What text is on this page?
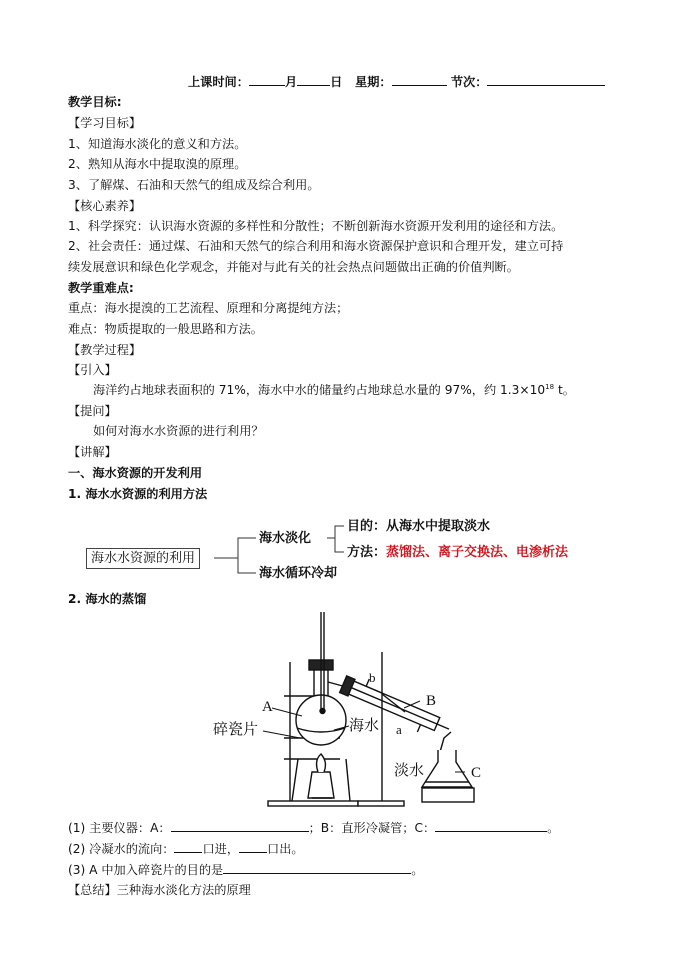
上课时间：	月	日 星期：	节次：
教学目标:
【学习目标】
1、知道海水淡化的意义和方法。
2、熟知从海水中提取溴的原理。
3、了解煤、石油和天然气的组成及综合利用。
【核心素养】
1、科学探究：认识海水资源的多样性和分散性；不断创新海水资源开发利用的途径和方法。
2、社会责任：通过煤、石油和天然气的综合利用和海水资源保护意识和合理开发，建立可持
续发展意识和绿色化学观念，并能对与此有关的社会热点问题做出正确的价值判断。
教学重难点:
重点：海水提溴的工艺流程、原理和分离提纯方法；
难点：物质提取的一般思路和方法。
【教学过程】
【引入】
海洋约占地球表面积的 71%，海水中水的储量约占地球总水量的 97%，约 $1.3\times 10^{18}$ t。
【提问】
如何对海水水资源的进行利用？
【讲解】
一、海水资源的开发利用
1. 海水水资源的利用方法
海水水资源的利用
海水淡化
海水循环冷却
目的：从海水中提取淡水
方法：蒸馏法、离子交换法、电渗析法
2. 海水的蒸馏
A	B
C
a
b
碎瓷片	海水
淡水
(1) 主要仪器：A：	；B：直形冷凝管；C：	。
(2) 冷凝水的流向： 口进， 口出。
(3) A 中加入碎瓷片的目的是	。
【总结】三种海水淡化方法的原理
